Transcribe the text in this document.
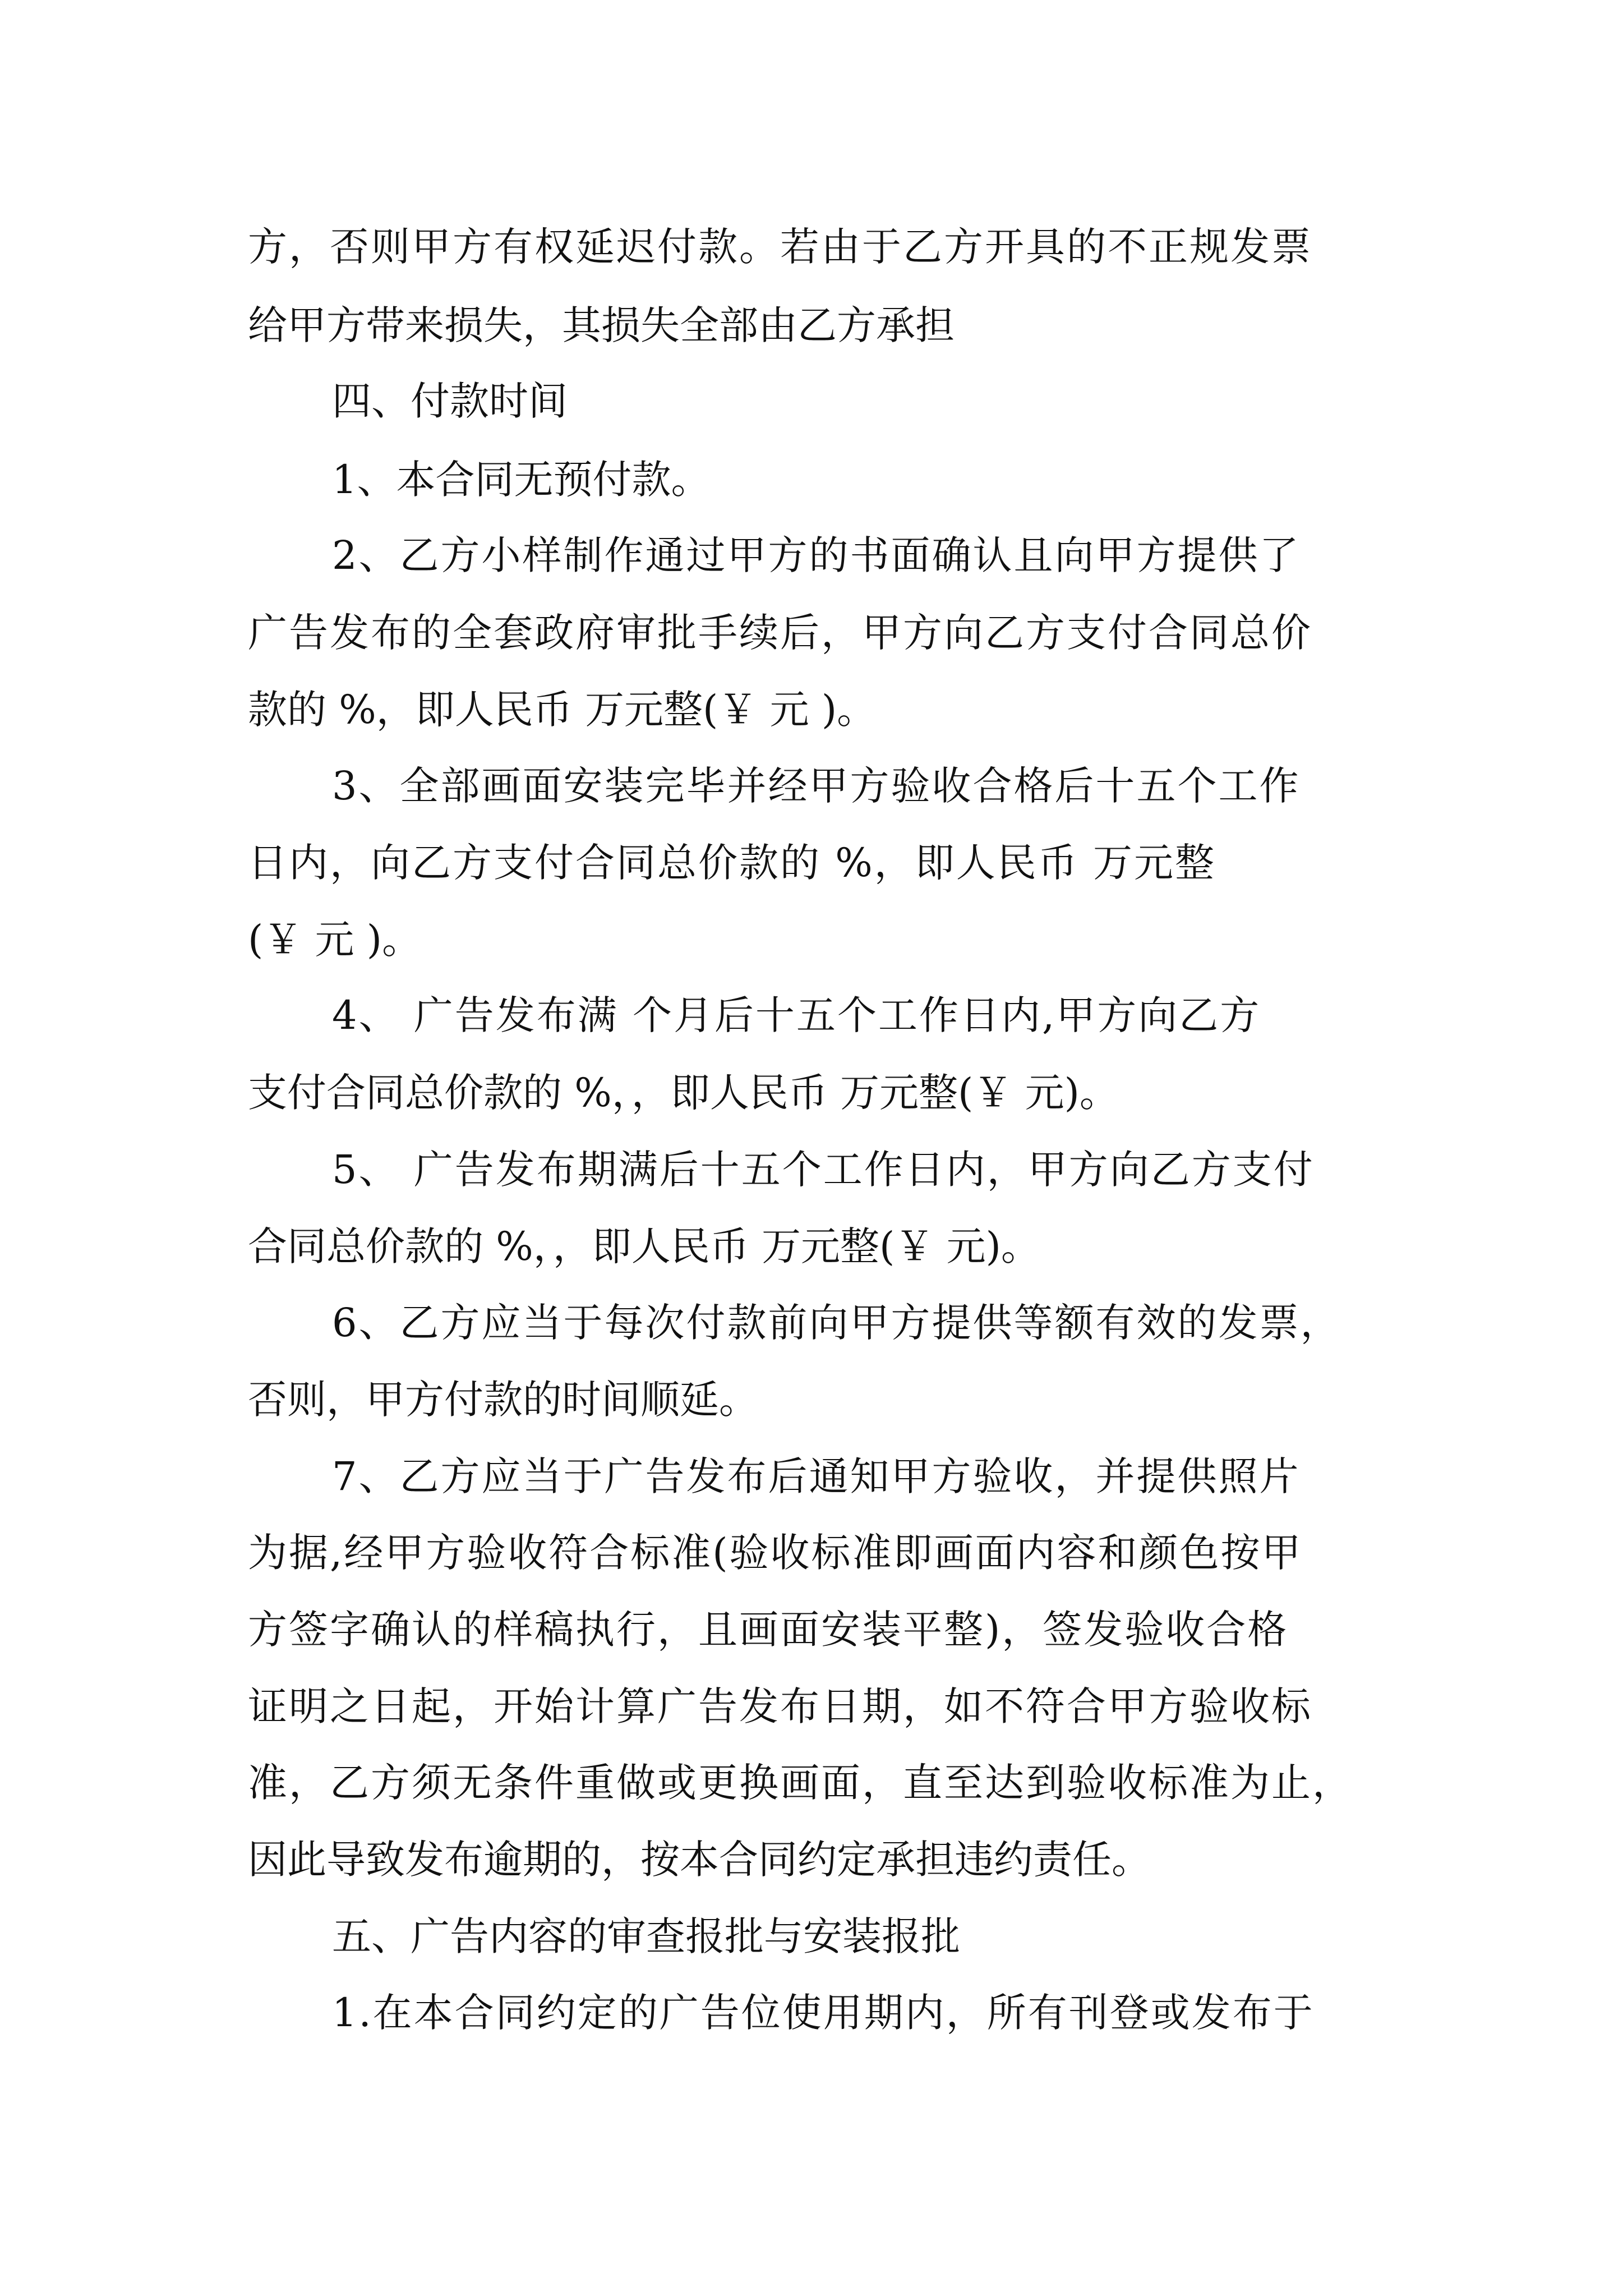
方，否则甲方有权延迟付款。若由于乙方开具的不正规发票
给甲方带来损失，其损失全部由乙方承担
四、付款时间
1、本合同无预付款。
2、乙方小样制作通过甲方的书面确认且向甲方提供了
广告发布的全套政府审批手续后，甲方向乙方支付合同总价
款的 %，即人民币 万元整(￥ 元 )。
3、全部画面安装完毕并经甲方验收合格后十五个工作
日内，向乙方支付合同总价款的 %，即人民币 万元整
(￥ 元 )。
4、 广告发布满 个月后十五个工作日内,甲方向乙方
支付合同总价款的 %，，即人民币 万元整(￥ 元)。
5、 广告发布期满后十五个工作日内，甲方向乙方支付
合同总价款的 %，，即人民币 万元整(￥ 元)。
6、乙方应当于每次付款前向甲方提供等额有效的发票，
否则，甲方付款的时间顺延。
7、乙方应当于广告发布后通知甲方验收，并提供照片
为据,经甲方验收符合标准(验收标准即画面内容和颜色按甲
方签字确认的样稿执行，且画面安装平整)，签发验收合格
证明之日起，开始计算广告发布日期，如不符合甲方验收标
准，乙方须无条件重做或更换画面，直至达到验收标准为止，
因此导致发布逾期的，按本合同约定承担违约责任。
五、广告内容的审查报批与安装报批
1.在本合同约定的广告位使用期内，所有刊登或发布于
